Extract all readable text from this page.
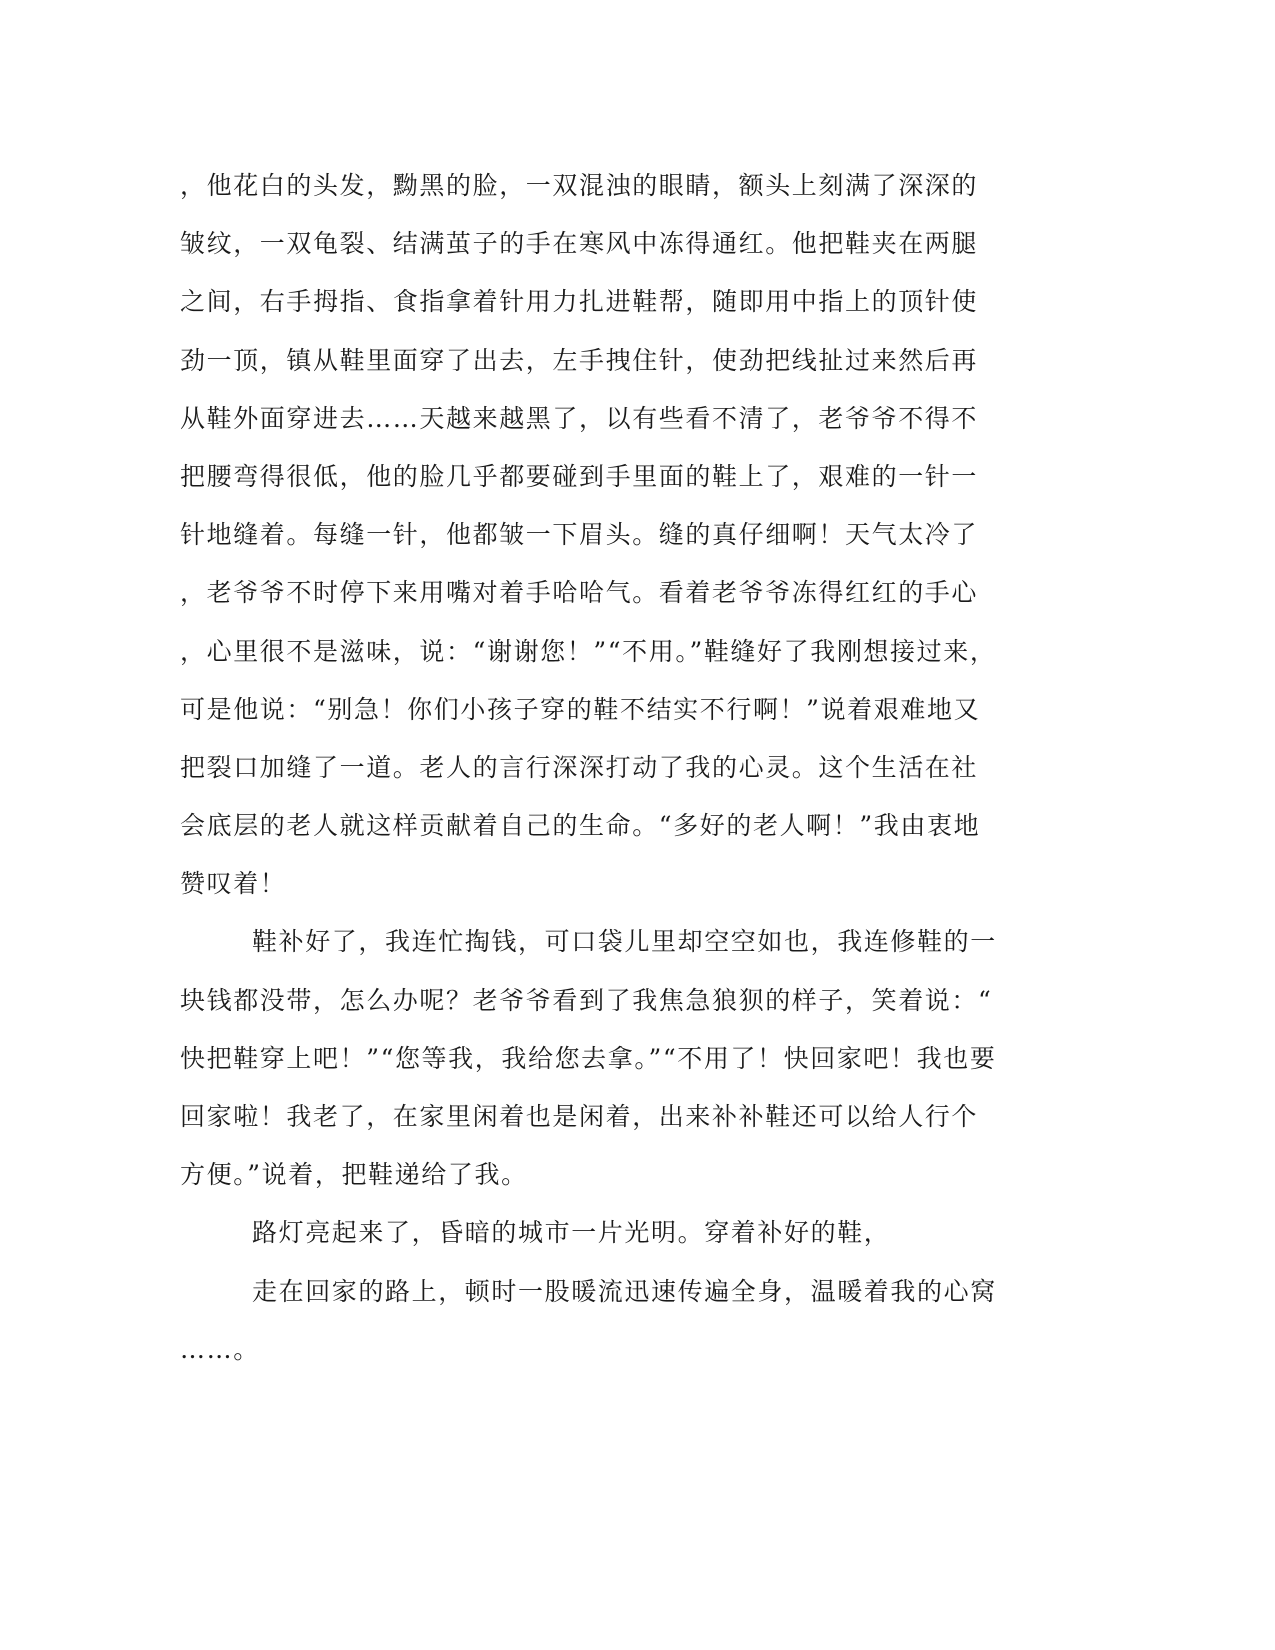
，他花白的头发，黝黑的脸，一双混浊的眼睛，额头上刻满了深深的
皱纹，一双龟裂、结满茧子的手在寒风中冻得通红。他把鞋夹在两腿
之间，右手拇指、食指拿着针用力扎进鞋帮，随即用中指上的顶针使
劲一顶，镇从鞋里面穿了出去，左手拽住针，使劲把线扯过来然后再
从鞋外面穿进去……天越来越黑了，以有些看不清了，老爷爷不得不
把腰弯得很低，他的脸几乎都要碰到手里面的鞋上了，艰难的一针一
针地缝着。每缝一针，他都皱一下眉头。缝的真仔细啊！天气太冷了
，老爷爷不时停下来用嘴对着手哈哈气。看着老爷爷冻得红红的手心
，心里很不是滋味，说：“谢谢您！”“不用。”鞋缝好了我刚想接过来，
可是他说：“别急！你们小孩子穿的鞋不结实不行啊！”说着艰难地又
把裂口加缝了一道。老人的言行深深打动了我的心灵。这个生活在社
会底层的老人就这样贡献着自己的生命。“多好的老人啊！”我由衷地
赞叹着！
鞋补好了，我连忙掏钱，可口袋儿里却空空如也，我连修鞋的一
块钱都没带，怎么办呢？老爷爷看到了我焦急狼狈的样子，笑着说：“
快把鞋穿上吧！”“您等我，我给您去拿。”“不用了！快回家吧！我也要
回家啦！我老了，在家里闲着也是闲着，出来补补鞋还可以给人行个
方便。”说着，把鞋递给了我。
路灯亮起来了，昏暗的城市一片光明。穿着补好的鞋，
走在回家的路上，顿时一股暖流迅速传遍全身，温暖着我的心窝
……。
